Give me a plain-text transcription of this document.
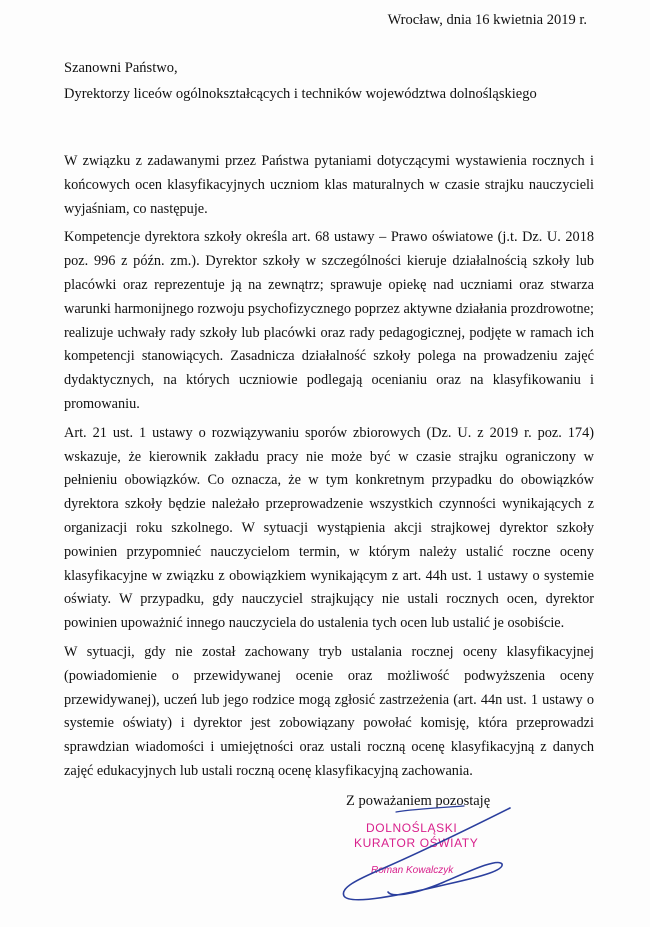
Wrocław, dnia 16 kwietnia 2019 r.
Szanowni Państwo,
Dyrektorzy liceów ogólnokształcących i techników województwa dolnośląskiego

W związku z zadawanymi przez Państwa pytaniami dotyczącymi wystawienia rocznych i końcowych ocen klasyfikacyjnych uczniom klas maturalnych w czasie strajku nauczycieli wyjaśniam, co następuje.

Kompetencje dyrektora szkoły określa art. 68 ustawy – Prawo oświatowe (j.t. Dz. U. 2018 poz. 996 z późn. zm.). Dyrektor szkoły w szczególności kieruje działalnością szkoły lub placówki oraz reprezentuje ją na zewnątrz; sprawuje opiekę nad uczniami oraz stwarza warunki harmonijnego rozwoju psychofizycznego poprzez aktywne działania prozdrowotne; realizuje uchwały rady szkoły lub placówki oraz rady pedagogicznej, podjęte w ramach ich kompetencji stanowiących. Zasadnicza działalność szkoły polega na prowadzeniu zajęć dydaktycznych, na których uczniowie podlegają ocenianiu oraz na klasyfikowaniu i promowaniu.

Art. 21 ust. 1 ustawy o rozwiązywaniu sporów zbiorowych (Dz. U. z 2019 r. poz. 174) wskazuje, że kierownik zakładu pracy nie może być w czasie strajku ograniczony w pełnieniu obowiązków. Co oznacza, że w tym konkretnym przypadku do obowiązków dyrektora szkoły będzie należało przeprowadzenie wszystkich czynności wynikających z organizacji roku szkolnego. W sytuacji wystąpienia akcji strajkowej dyrektor szkoły powinien przypomnieć nauczycielom termin, w którym należy ustalić roczne oceny klasyfikacyjne w związku z obowiązkiem wynikającym z art. 44h ust. 1 ustawy o systemie oświaty. W przypadku, gdy nauczyciel strajkujący nie ustali rocznych ocen, dyrektor powinien upoważnić innego nauczyciela do ustalenia tych ocen lub ustalić je osobiście.

W sytuacji, gdy nie został zachowany tryb ustalania rocznej oceny klasyfikacyjnej (powiadomienie o przewidywanej ocenie oraz możliwość podwyższenia oceny przewidywanej), uczeń lub jego rodzice mogą zgłosić zastrzeżenia (art. 44n ust. 1 ustawy o systemie oświaty) i dyrektor jest zobowiązany powołać komisję, która przeprowadzi sprawdzian wiadomości i umiejętności oraz ustali roczną ocenę klasyfikacyjną z danych zajęć edukacyjnych lub ustali roczną ocenę klasyfikacyjną zachowania.

Z poważaniem pozostaję
DOLNOŚLĄSKI
KURATOR OŚWIATY
Roman Kowalczyk
